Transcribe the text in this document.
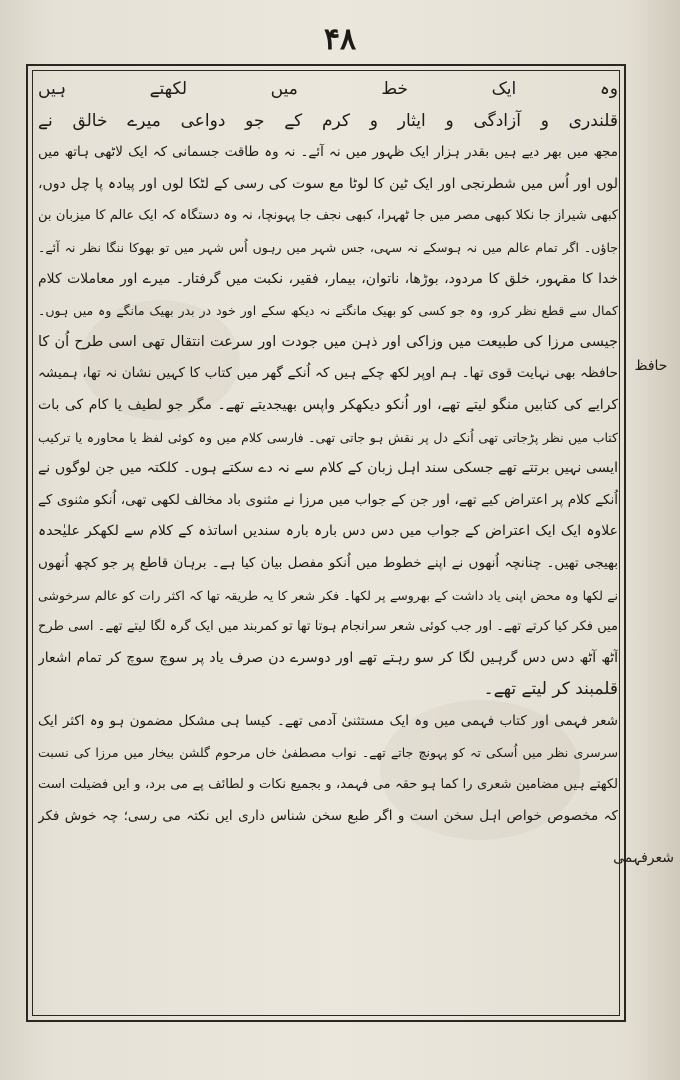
۴۸
وہ ایک خط میں لکھتے ہیں
قلندری و آزادگی و ایثار و کرم کے جو دواعی میرے خالق نے
مجھ میں بھر دیے ہیں بقدر ہزار ایک ظہور میں نہ آئے۔ نہ وہ طاقت جسمانی کہ ایک لاٹھی ہاتھ میں
لوں اور اُس میں شطرنجی اور ایک ٹین کا لوٹا مع سوت کی رسی کے لٹکا لوں اور پیادہ پا چل دوں،
کبھی شیراز جا نکلا کبھی مصر میں جا ٹھہرا، کبھی نجف جا پہونچا، نہ وہ دستگاہ کہ ایک عالم کا میزبان بن
جاؤں۔ اگر تمام عالم میں نہ ہوسکے نہ سہی، جس شہر میں رہوں اُس شہر میں تو بھوکا ننگا نظر نہ آئے۔
خدا کا مقہور، خلق کا مردود، بوڑھا، ناتوان، بیمار، فقیر، نکبت میں گرفتار۔ میرے اور معاملات کلام
کمال سے قطع نظر کرو، وہ جو کسی کو بھیک مانگتے نہ دیکھ سکے اور خود در بدر بھیک مانگے وہ میں ہوں۔
جیسی مرزا کی طبیعت میں وزاکی اور ذہن میں جودت اور سرعت انتقال تھی اسی طرح اُن کا
حافظہ بھی نہایت قوی تھا۔ ہم اوپر لکھ چکے ہیں کہ اُنکے گھر میں کتاب کا کہیں نشان نہ تھا، ہمیشہ
کرایے کی کتابیں منگو لیتے تھے، اور اُنکو دیکھکر واپس بھیجدیتے تھے۔ مگر جو لطیف یا کام کی بات
کتاب میں نظر پڑجاتی تھی اُنکے دل پر نقش ہو جاتی تھی۔ فارسی کلام میں وہ کوئی لفظ یا محاورہ یا ترکیب
ایسی نہیں برتتے تھے جسکی سند اہل زبان کے کلام سے نہ دے سکتے ہوں۔ کلکتہ میں جن لوگوں نے
اُنکے کلام پر اعتراض کیے تھے، اور جن کے جواب میں مرزا نے مثنوی باد مخالف لکھی تھی، اُنکو مثنوی کے
علاوہ ایک ایک اعتراض کے جواب میں دس دس بارہ بارہ سندیں اساتذہ کے کلام سے لکھکر علیٰحدہ
بھیجی تھیں۔ چنانچہ اُنھوں نے اپنے خطوط میں اُنکو مفصل بیان کیا ہے۔ برہان قاطع پر جو کچھ اُنھوں
نے لکھا وہ محض اپنی یاد داشت کے بھروسے پر لکھا۔ فکر شعر کا یہ طریقہ تھا کہ اکثر رات کو عالم سرخوشی
میں فکر کیا کرتے تھے۔ اور جب کوئی شعر سرانجام ہوتا تھا تو کمربند میں ایک گرہ لگا لیتے تھے۔ اسی طرح
آٹھ آٹھ دس دس گرہیں لگا کر سو رہتے تھے اور دوسرے دن صرف یاد پر سوچ سوچ کر تمام اشعار
قلمبند کر لیتے تھے۔
شعر فہمی اور کتاب فہمی میں وہ ایک مستثنیٰ آدمی تھے۔ کیسا ہی مشکل مضمون ہو وہ اکثر ایک
سرسری نظر میں اُسکی تہ کو پہونچ جاتے تھے۔ نواب مصطفیٰ خاں مرحوم گلشن بیخار میں مرزا کی نسبت
لکھتے ہیں مضامین شعری را کما ہو حقہ می فہمد، و بجمیع نکات و لطائف پے می برد، و ایں فضیلت است
کہ مخصوص خواص اہل سخن است و اگر طبع سخن شناس داری ایں نکتہ می رسی؛ چہ خوش فکر
حافظ
شعرفہمی
